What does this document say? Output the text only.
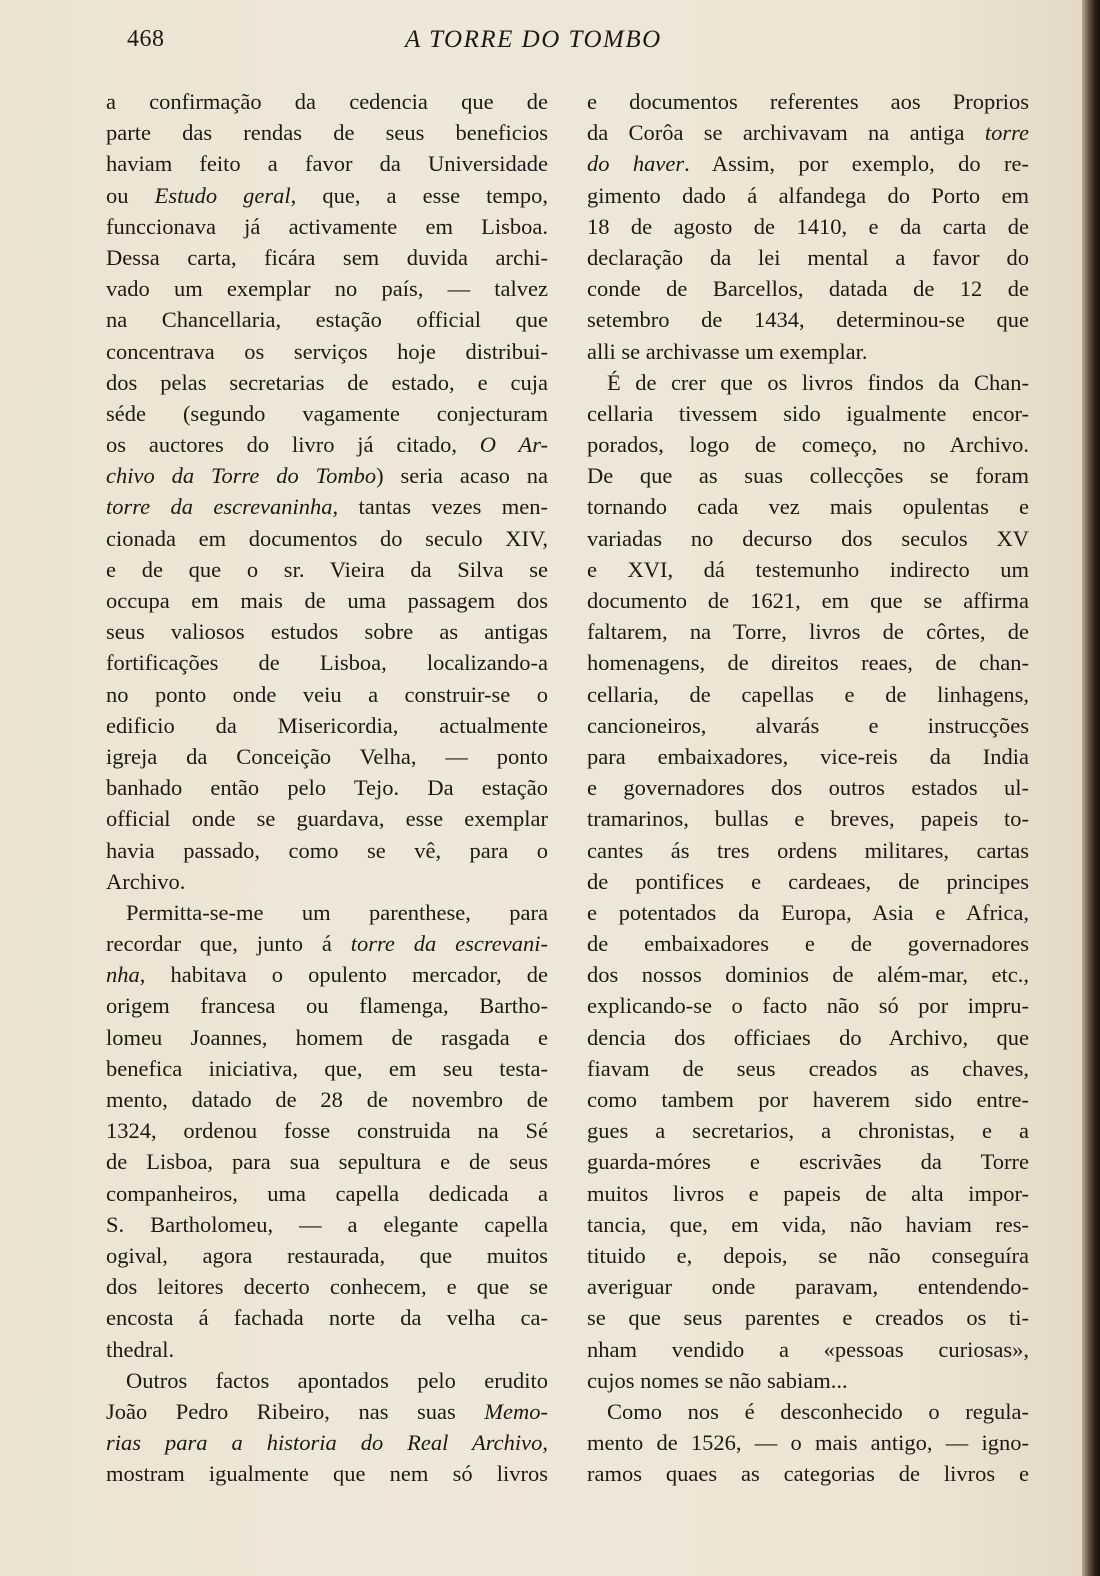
468	A TORRE DO TOMBO
a confirmação da cedencia que de
parte das rendas de seus beneficios
haviam feito a favor da Universidade
ou Estudo geral, que, a esse tempo,
funccionava já activamente em Lisboa.
Dessa carta, ficára sem duvida archi-
vado um exemplar no país, — talvez
na Chancellaria, estação official que
concentrava os serviços hoje distribui-
dos pelas secretarias de estado, e cuja
séde (segundo vagamente conjecturam
os auctores do livro já citado, O Ar-
chivo da Torre do Tombo) seria acaso na
torre da escrevaninha, tantas vezes men-
cionada em documentos do seculo XIV,
e de que o sr. Vieira da Silva se
occupa em mais de uma passagem dos
seus valiosos estudos sobre as antigas
fortificações de Lisboa, localizando-a
no ponto onde veiu a construir-se o
edificio da Misericordia, actualmente
igreja da Conceição Velha, — ponto
banhado então pelo Tejo. Da estação
official onde se guardava, esse exemplar
havia passado, como se vê, para o
Archivo.
Permitta-se-me um parenthese, para
recordar que, junto á torre da escrevani-
nha, habitava o opulento mercador, de
origem francesa ou flamenga, Bartho-
lomeu Joannes, homem de rasgada e
benefica iniciativa, que, em seu testa-
mento, datado de 28 de novembro de
1324, ordenou fosse construida na Sé
de Lisboa, para sua sepultura e de seus
companheiros, uma capella dedicada a
S. Bartholomeu, — a elegante capella
ogival, agora restaurada, que muitos
dos leitores decerto conhecem, e que se
encosta á fachada norte da velha ca-
thedral.
Outros factos apontados pelo erudito
João Pedro Ribeiro, nas suas Memo-
rias para a historia do Real Archivo,
mostram igualmente que nem só livros
e documentos referentes aos Proprios
da Corôa se archivavam na antiga torre
do haver. Assim, por exemplo, do re-
gimento dado á alfandega do Porto em
18 de agosto de 1410, e da carta de
declaração da lei mental a favor do
conde de Barcellos, datada de 12 de
setembro de 1434, determinou-se que
alli se archivasse um exemplar.
É de crer que os livros findos da Chan-
cellaria tivessem sido igualmente encor-
porados, logo de começo, no Archivo.
De que as suas collecções se foram
tornando cada vez mais opulentas e
variadas no decurso dos seculos XV
e XVI, dá testemunho indirecto um
documento de 1621, em que se affirma
faltarem, na Torre, livros de côrtes, de
homenagens, de direitos reaes, de chan-
cellaria, de capellas e de linhagens,
cancioneiros, alvarás e instrucções
para embaixadores, vice-reis da India
e governadores dos outros estados ul-
tramarinos, bullas e breves, papeis to-
cantes ás tres ordens militares, cartas
de pontifices e cardeaes, de principes
e potentados da Europa, Asia e Africa,
de embaixadores e de governadores
dos nossos dominios de além-mar, etc.,
explicando-se o facto não só por impru-
dencia dos officiaes do Archivo, que
fiavam de seus creados as chaves,
como tambem por haverem sido entre-
gues a secretarios, a chronistas, e a
guarda-móres e escrivães da Torre
muitos livros e papeis de alta impor-
tancia, que, em vida, não haviam res-
tituido e, depois, se não conseguíra
averiguar onde paravam, entendendo-
se que seus parentes e creados os ti-
nham vendido a «pessoas curiosas»,
cujos nomes se não sabiam...
Como nos é desconhecido o regula-
mento de 1526, — o mais antigo, — igno-
ramos quaes as categorias de livros e
